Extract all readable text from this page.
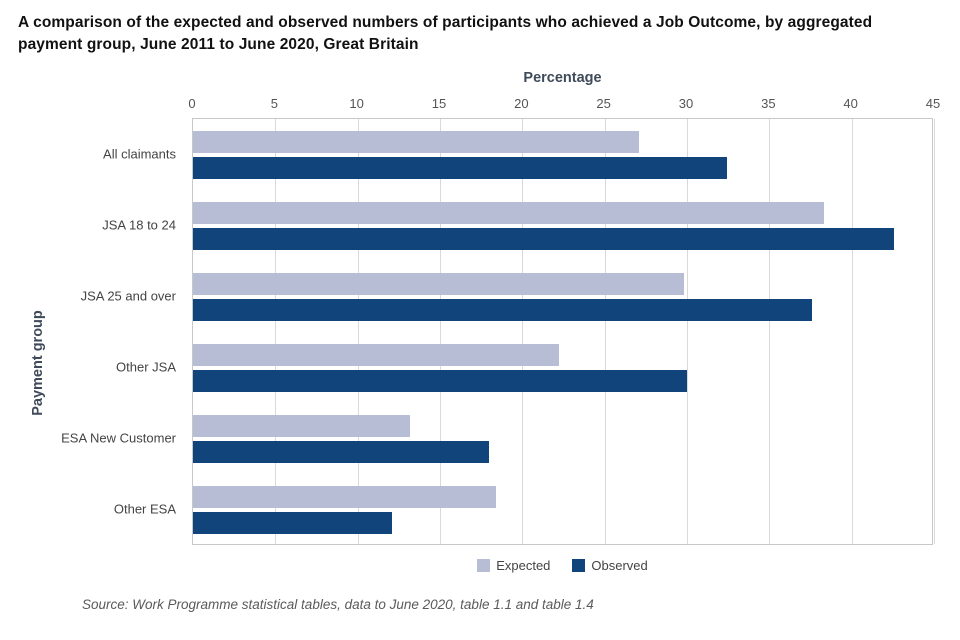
A comparison of the expected and observed numbers of participants who achieved a Job Outcome, by aggregated payment group, June 2011 to June 2020, Great Britain
Percentage
Payment group
0	5	10	15	20	25	30	35	40	45
All claimants
JSA 18 to 24
JSA 25 and over
Other JSA
ESA New Customer
Other ESA
Expected	Observed
Source: Work Programme statistical tables, data to June 2020, table 1.1 and table 1.4
